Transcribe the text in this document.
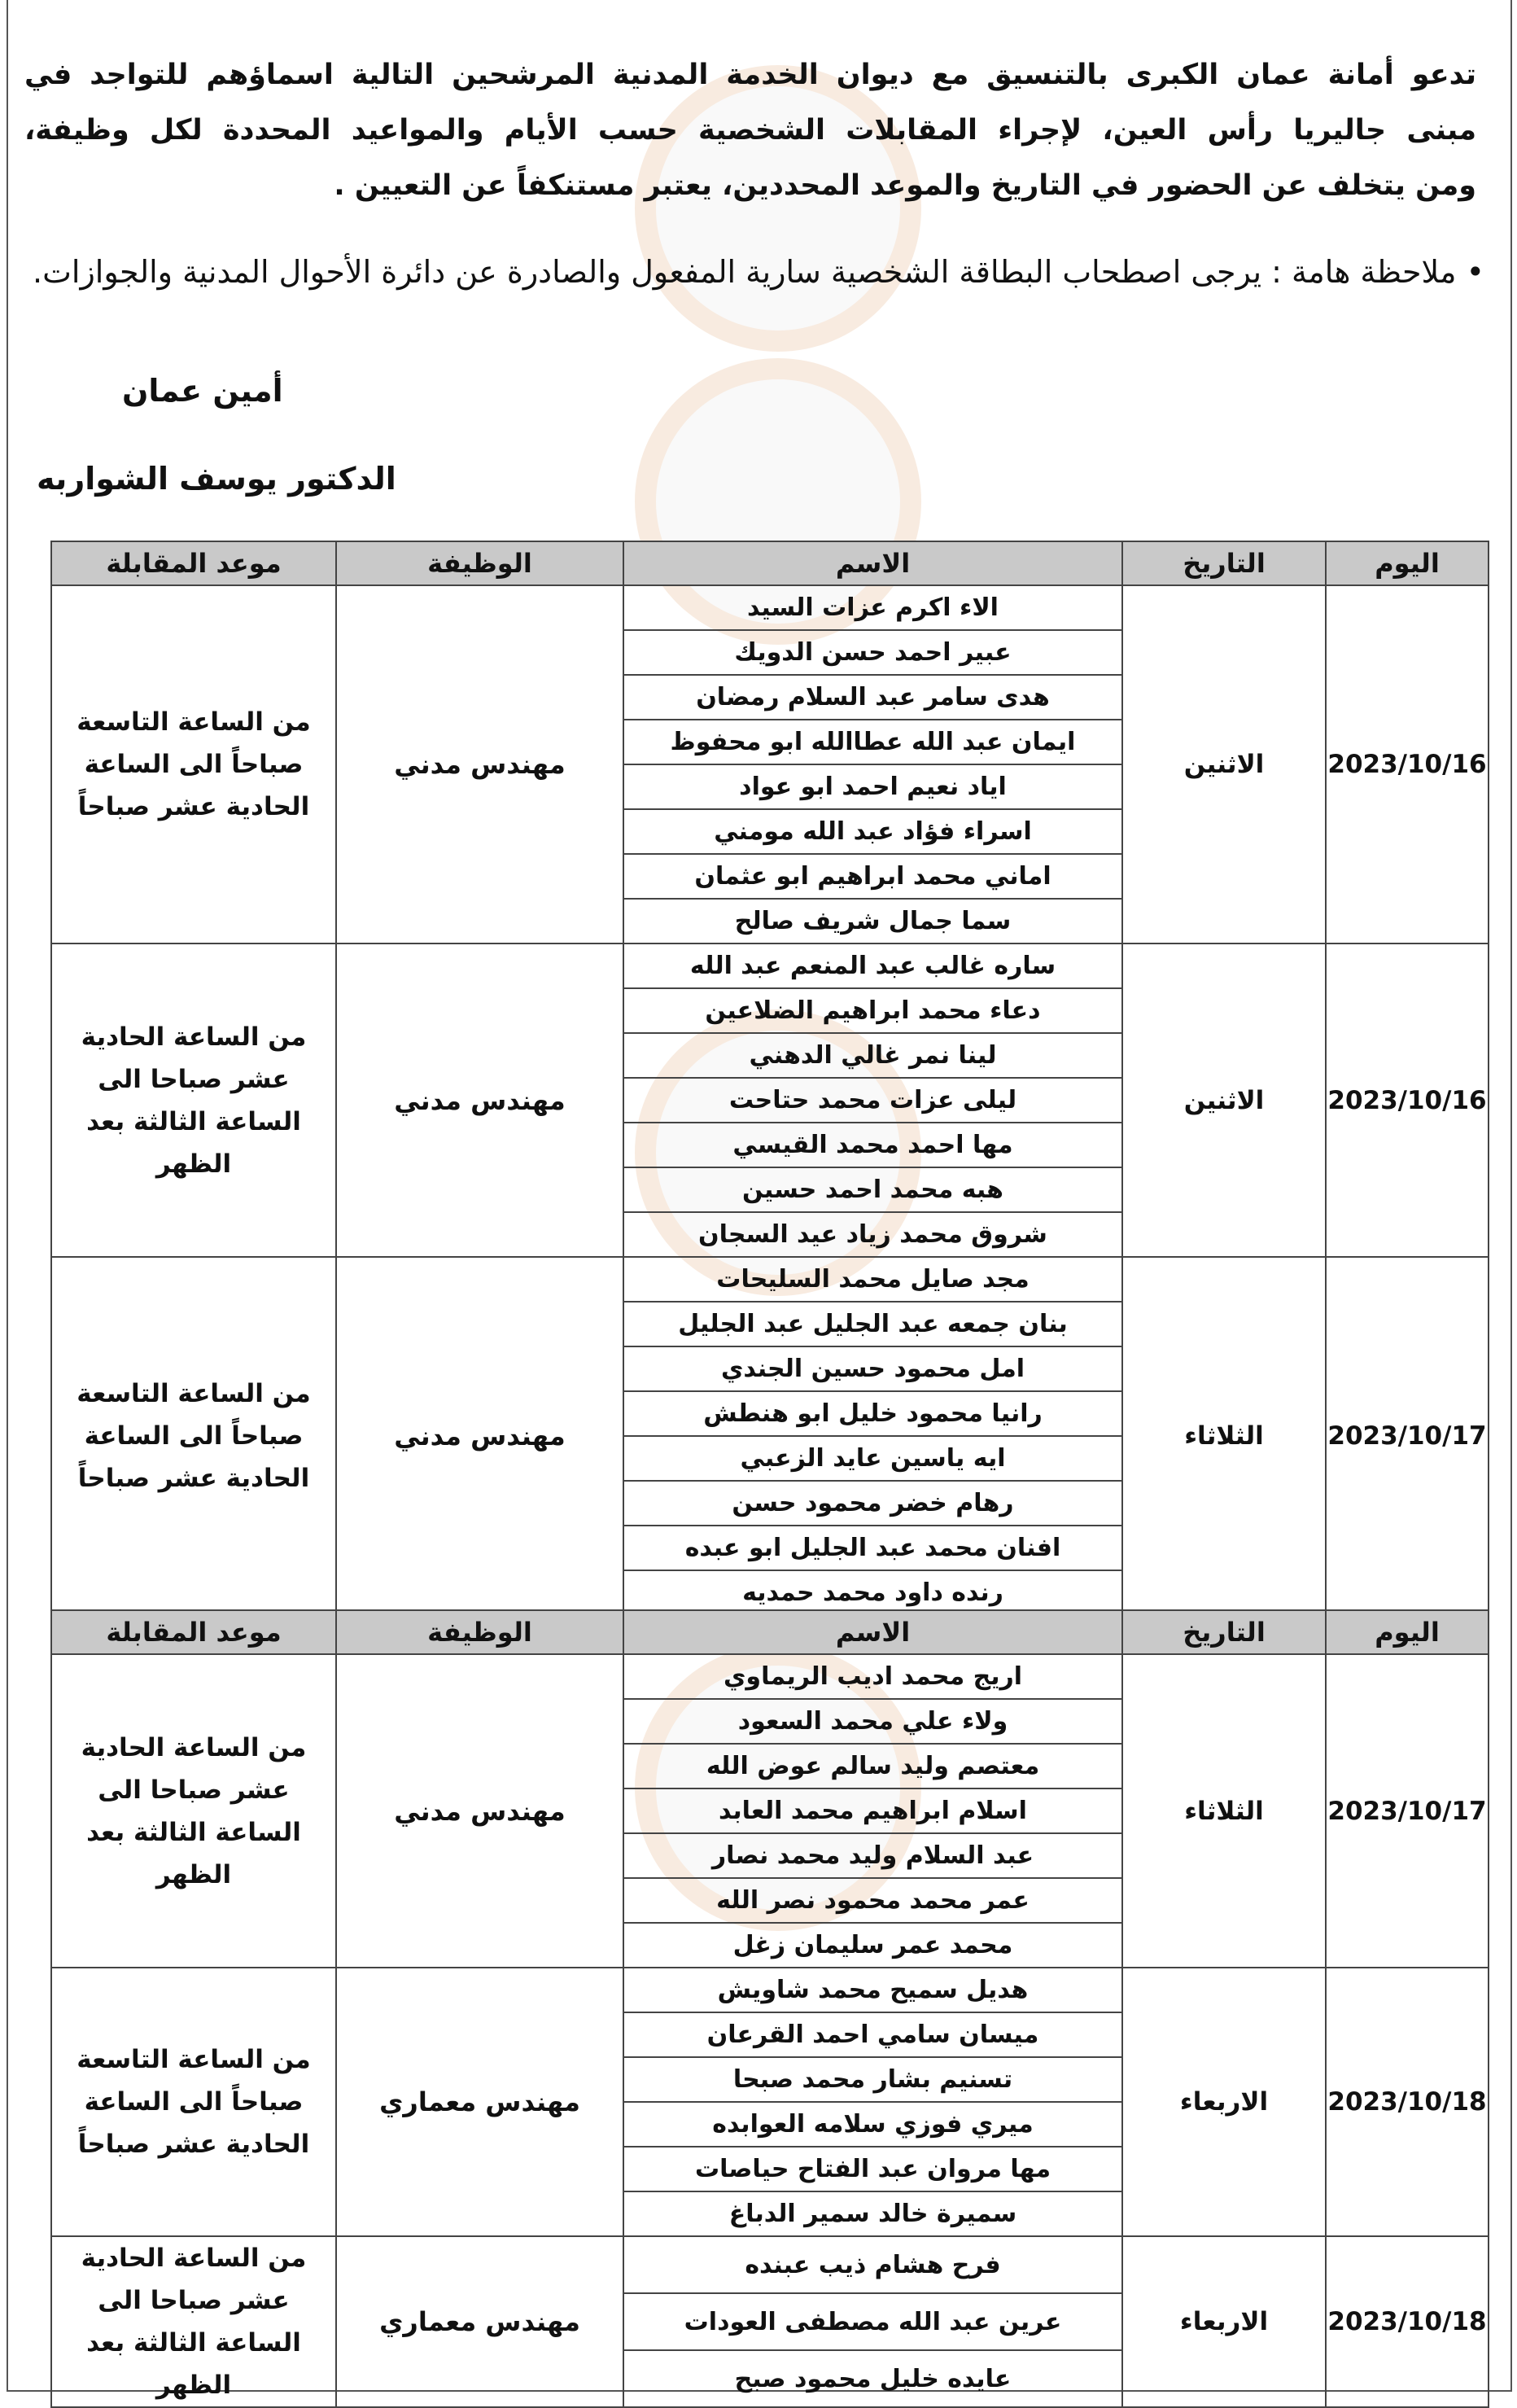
تدعو أمانة عمان الكبرى بالتنسيق مع ديوان الخدمة المدنية المرشحين التالية اسماؤهم للتواجد في

مبنى جاليريا رأس العين، لإجراء المقابلات الشخصية حسب الأيام والمواعيد المحددة لكل وظيفة،

ومن يتخلف عن الحضور في التاريخ والموعد المحددين، يعتبر مستنكفاً عن التعيين .

• ملاحظة هامة : يرجى اصطحاب البطاقة الشخصية سارية المفعول والصادرة عن دائرة الأحوال المدنية والجوازات.
أمين عمان
الدكتور يوسف الشواربه
اليوم	التاريخ	الاسم	الوظيفة	موعد المقابلة
2023/10/16	الاثنين	الاء اكرم عزات السيد	مهندس مدني	من الساعة التاسعة صباحاً الى الساعة الحادية عشر صباحاً
		عبير احمد حسن الدويك		
		هدى سامر عبد السلام رمضان		
		ايمان عبد الله عطاالله ابو محفوظ		
		اياد نعيم احمد ابو عواد		
		اسراء فؤاد عبد الله مومني		
		اماني محمد ابراهيم ابو عثمان		
		سما جمال شريف صالح		
2023/10/16	الاثنين	ساره غالب عبد المنعم عبد الله	مهندس مدني	من الساعة الحادية عشر صباحا الى الساعة الثالثة بعد الظهر
		دعاء محمد ابراهيم الضلاعين		
		لينا نمر غالي الدهني		
		ليلى عزات محمد حتاحت		
		مها احمد محمد القيسي		
		هبه محمد احمد حسين		
		شروق محمد زياد عيد السجان		
2023/10/17	الثلاثاء	مجد صايل محمد السليحات	مهندس مدني	من الساعة التاسعة صباحاً الى الساعة الحادية عشر صباحاً
		بنان جمعه عبد الجليل عبد الجليل		
		امل محمود حسين الجندي		
		رانيا محمود خليل ابو هنطش		
		ايه ياسين عايد الزعبي		
		رهام خضر محمود حسن		
		افنان محمد عبد الجليل ابو عبده		
		رنده داود محمد حمديه		
اليوم	التاريخ	الاسم	الوظيفة	موعد المقابلة
2023/10/17	الثلاثاء	اريج محمد اديب الريماوي	مهندس مدني	من الساعة الحادية عشر صباحا الى الساعة الثالثة بعد الظهر
		ولاء علي محمد السعود		
		معتصم وليد سالم عوض الله		
		اسلام ابراهيم محمد العابد		
		عبد السلام وليد محمد نصار		
		عمر محمد محمود نصر الله		
		محمد عمر سليمان زغل		
2023/10/18	الاربعاء	هديل سميح محمد شاويش	مهندس معماري	من الساعة التاسعة صباحاً الى الساعة الحادية عشر صباحاً
		ميسان سامي احمد القرعان		
		تسنيم بشار محمد صبحا		
		ميري فوزي سلامه العوابده		
		مها مروان عبد الفتاح حياصات		
		سميرة خالد سمير الدباغ		
2023/10/18	الاربعاء	فرح هشام ذيب عبنده	مهندس معماري	من الساعة الحادية عشر صباحا الى الساعة الثالثة بعد الظهر
		عرين عبد الله مصطفى العودات		
		عايده خليل محمود صبح		
